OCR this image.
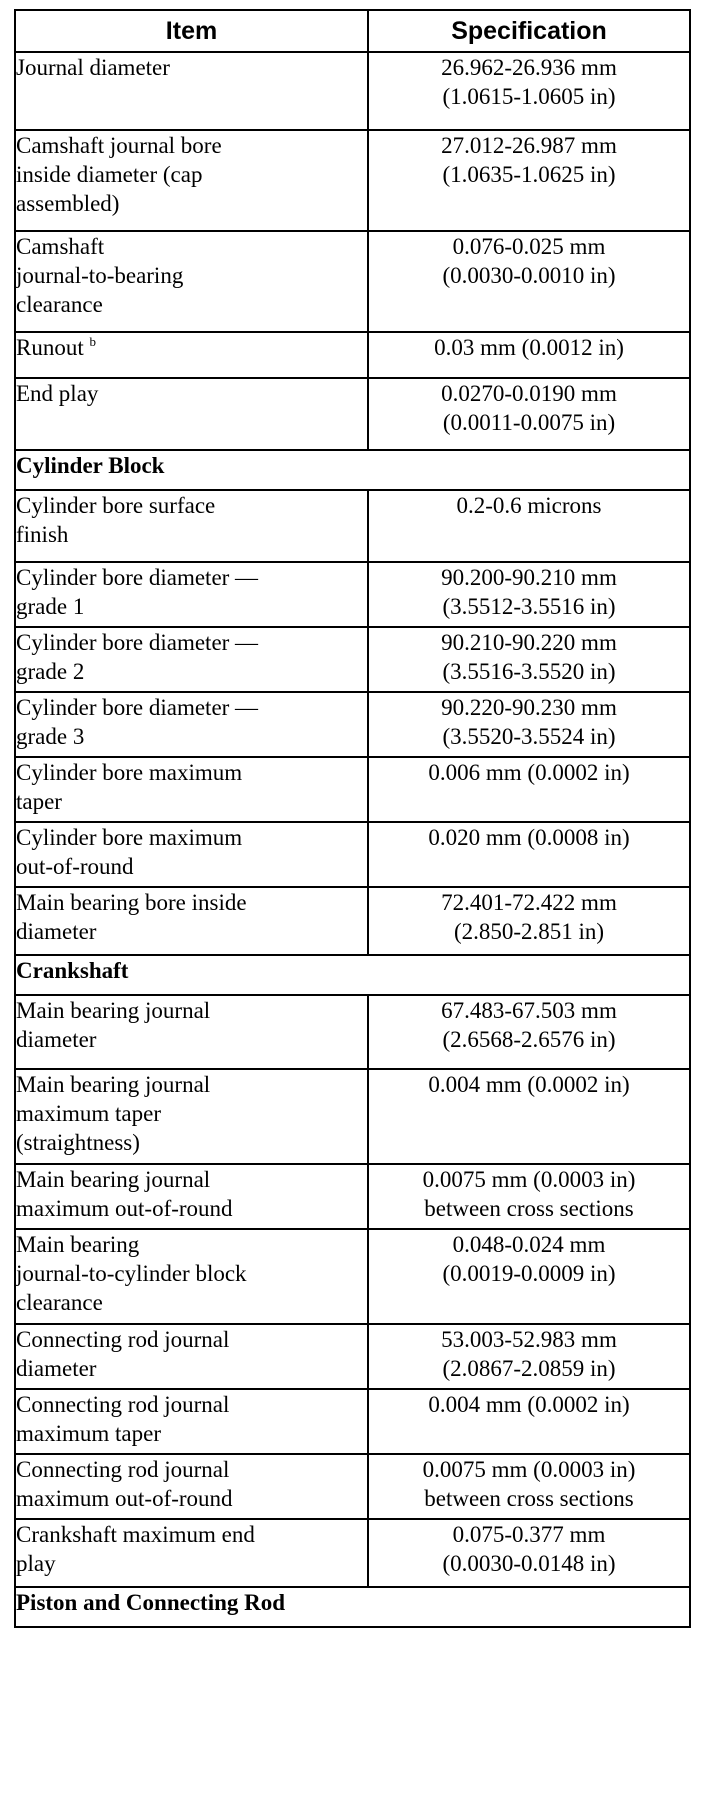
Item	Specification

Journal diameter	26.962-26.936 mm
(1.0615-1.0605 in)

Camshaft journal bore
inside diameter (cap
assembled)	27.012-26.987 mm
(1.0635-1.0625 in)

Camshaft
journal-to-bearing
clearance	0.076-0.025 mm
(0.0030-0.0010 in)

Runout $^b$	0.03 mm (0.0012 in)

End play	0.0270-0.0190 mm
(0.0011-0.0075 in)

Cylinder Block	

Cylinder bore surface
finish	0.2-0.6 microns

Cylinder bore diameter —
grade 1	90.200-90.210 mm
(3.5512-3.5516 in)

Cylinder bore diameter —
grade 2	90.210-90.220 mm
(3.5516-3.5520 in)

Cylinder bore diameter —
grade 3	90.220-90.230 mm
(3.5520-3.5524 in)

Cylinder bore maximum
taper	0.006 mm (0.0002 in)

Cylinder bore maximum
out-of-round	0.020 mm (0.0008 in)

Main bearing bore inside
diameter	72.401-72.422 mm
(2.850-2.851 in)

Crankshaft	

Main bearing journal
diameter	67.483-67.503 mm
(2.6568-2.6576 in)

Main bearing journal
maximum taper
(straightness)	0.004 mm (0.0002 in)

Main bearing journal
maximum out-of-round	0.0075 mm (0.0003 in)
between cross sections

Main bearing
journal-to-cylinder block
clearance	0.048-0.024 mm
(0.0019-0.0009 in)

Connecting rod journal
diameter	53.003-52.983 mm
(2.0867-2.0859 in)

Connecting rod journal
maximum taper	0.004 mm (0.0002 in)

Connecting rod journal
maximum out-of-round	0.0075 mm (0.0003 in)
between cross sections

Crankshaft maximum end
play	0.075-0.377 mm
(0.0030-0.0148 in)

Piston and Connecting Rod	
